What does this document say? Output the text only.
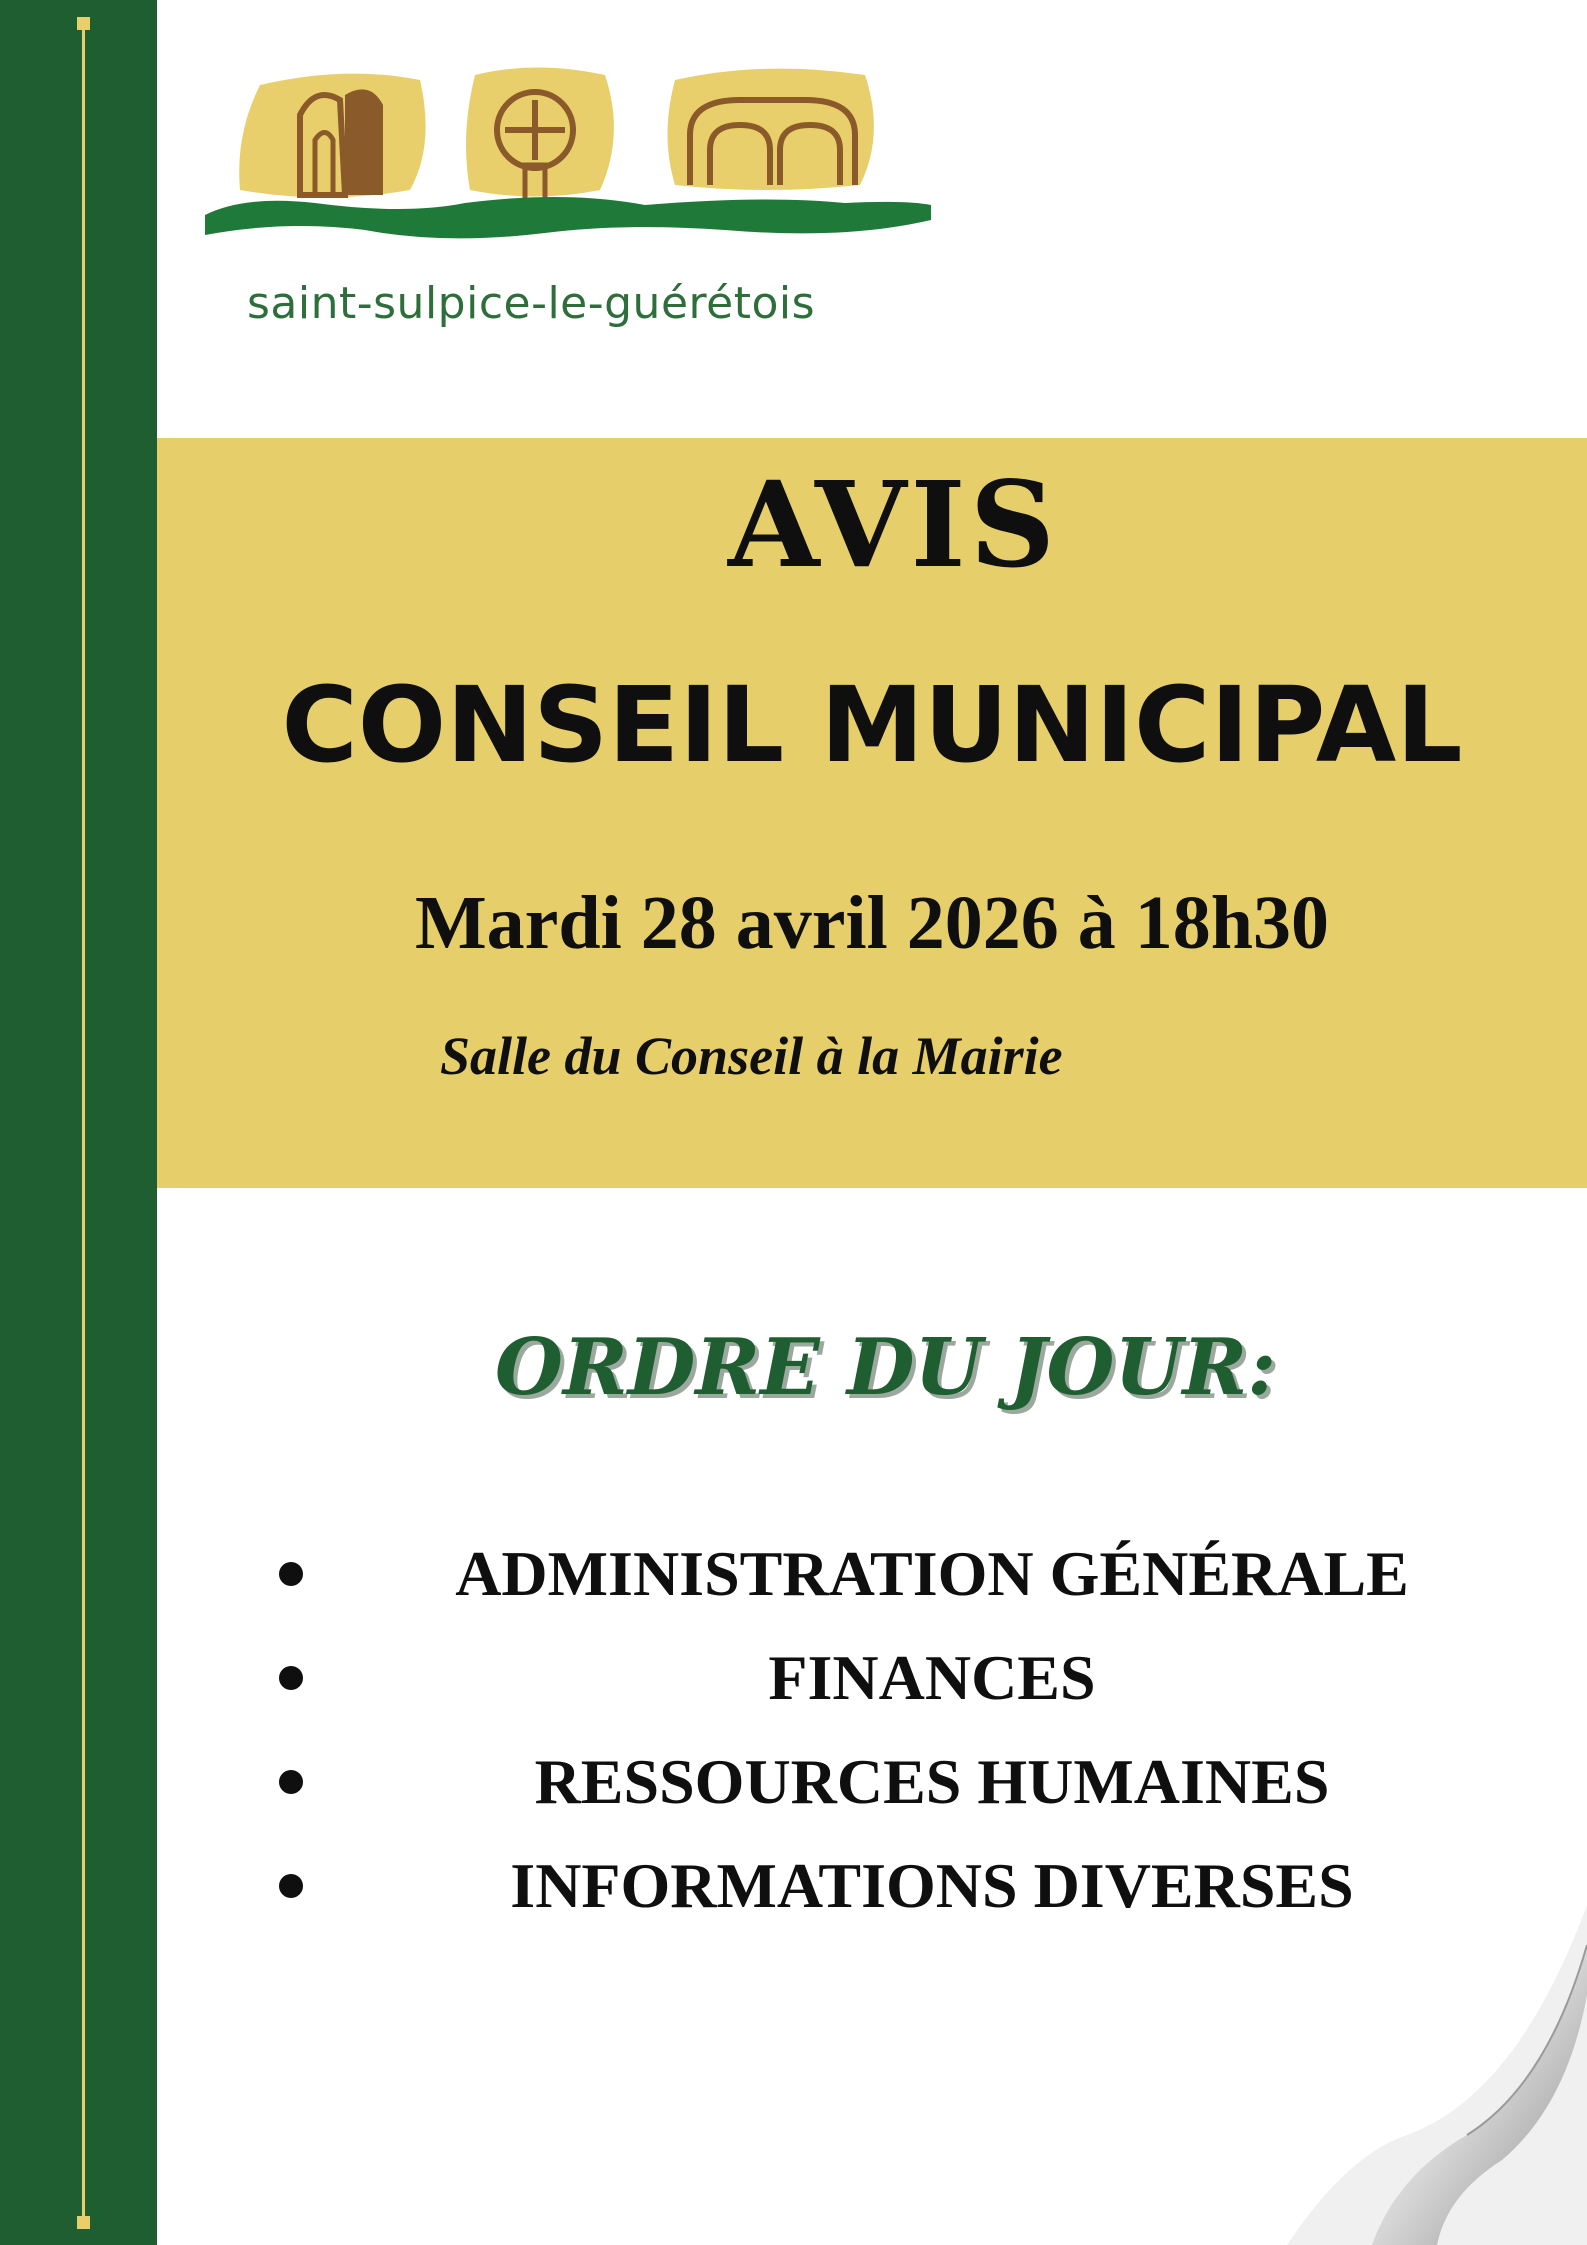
saint-sulpice-le-guérétois
AVIS
CONSEIL MUNICIPAL
Mardi 28 avril 2026 à 18h30
Salle du Conseil à la Mairie
ORDRE DU JOUR:
ADMINISTRATION GÉNÉRALE
FINANCES
RESSOURCES HUMAINES
INFORMATIONS DIVERSES
